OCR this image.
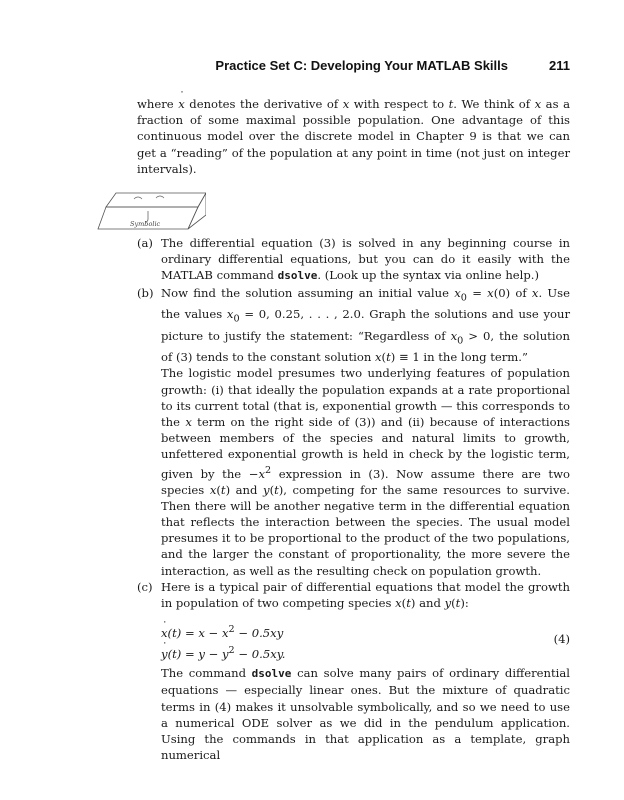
Practice Set C: Developing Your MATLAB Skills	211
where ˙ x denotes the derivative of x with respect to t. We think of x as a fraction of some maximal possible population. One advantage of this continuous model over the discrete model in Chapter 9 is that we can get a “reading” of the population at any point in time (not just on integer intervals).
Symbolic
(a) The differential equation (3) is solved in any beginning course in ordinary differential equations, but you can do it easily with the MATLAB command dsolve. (Look up the syntax via online help.)

(b) Now find the solution assuming an initial value $x_0 = x(0)$ of x. Use the values $x_0 = 0$, 0.25, . . . , 2.0. Graph the solutions and use your picture to justify the statement: “Regardless of $x_0 > 0$, the solution of (3) tends to the constant solution x(t) ≡ 1 in the long term.”

The logistic model presumes two underlying features of population growth: (i) that ideally the population expands at a rate proportional to its current total (that is, exponential growth — this corresponds to the x term on the right side of (3)) and (ii) because of interactions between members of the species and natural limits to growth, unfettered exponential growth is held in check by the logistic term, given by the $-x^2$ expression in (3). Now assume there are two species x(t) and y(t), competing for the same resources to survive. Then there will be another negative term in the differential equation that reflects the interaction between the species. The usual model presumes it to be proportional to the product of the two populations, and the larger the constant of proportionality, the more severe the interaction, as well as the resulting check on population growth.

(c) Here is a typical pair of differential equations that model the growth in population of two competing species x(t) and y(t):

˙ $x(t) = x - x^2 - 0.5xy$
˙ $y(t) = y - y^2 - 0.5xy$.
(4)

The command dsolve can solve many pairs of ordinary differential equations — especially linear ones. But the mixture of quadratic terms in (4) makes it unsolvable symbolically, and so we need to use a numerical ODE solver as we did in the pendulum application. Using the commands in that application as a template, graph numerical
